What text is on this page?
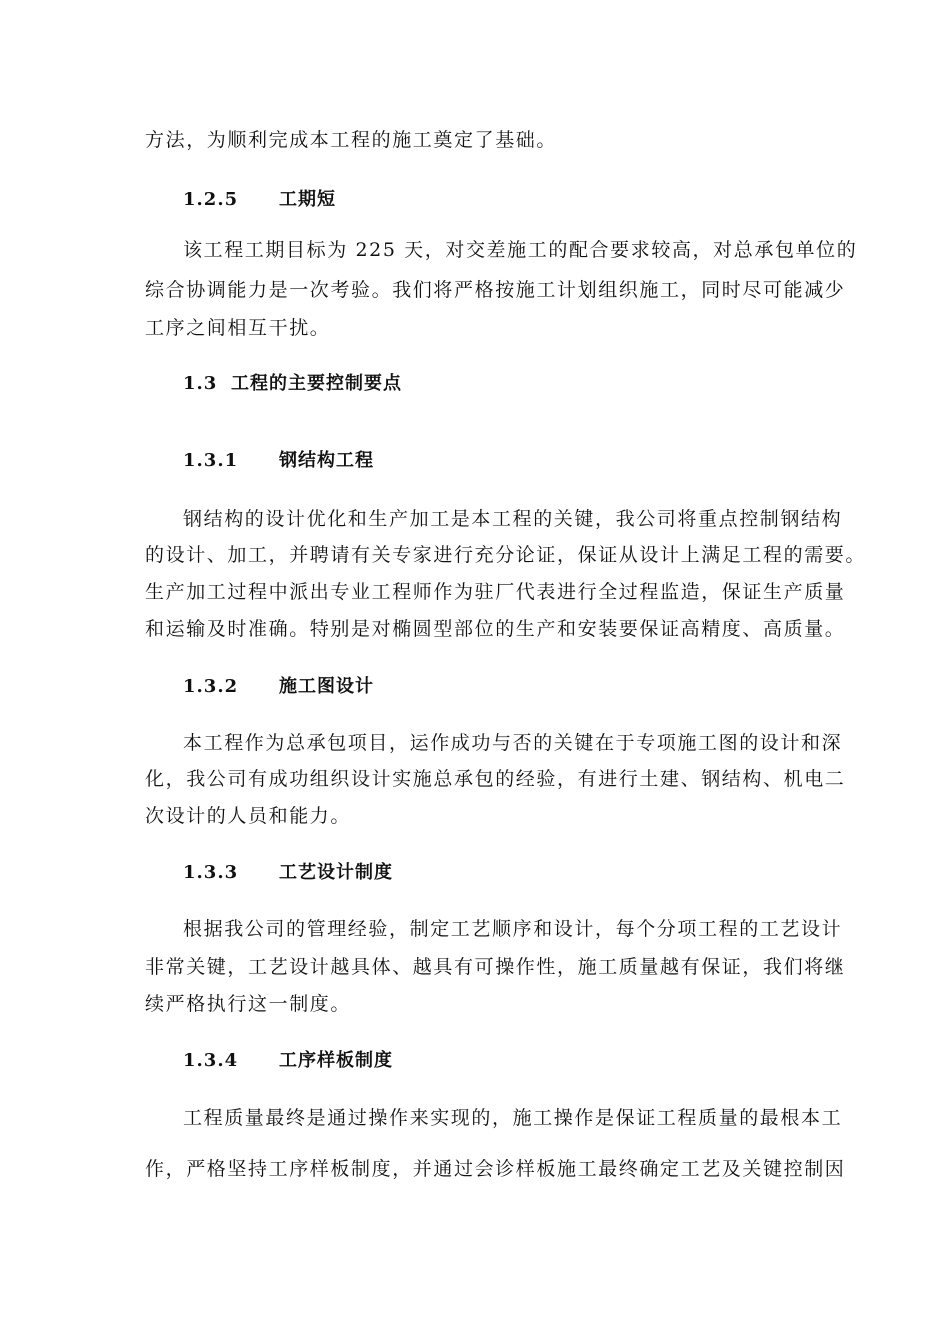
方法，为顺利完成本工程的施工奠定了基础。
1.2.5 工期短
该工程工期目标为 225 天，对交差施工的配合要求较高，对总承包单位的
综合协调能力是一次考验。我们将严格按施工计划组织施工，同时尽可能减少
工序之间相互干扰。
1.3 工程的主要控制要点
1.3.1 钢结构工程
钢结构的设计优化和生产加工是本工程的关键，我公司将重点控制钢结构
的设计、加工，并聘请有关专家进行充分论证，保证从设计上满足工程的需要。
生产加工过程中派出专业工程师作为驻厂代表进行全过程监造，保证生产质量
和运输及时准确。特别是对椭圆型部位的生产和安装要保证高精度、高质量。
1.3.2 施工图设计
本工程作为总承包项目，运作成功与否的关键在于专项施工图的设计和深
化，我公司有成功组织设计实施总承包的经验，有进行土建、钢结构、机电二
次设计的人员和能力。
1.3.3 工艺设计制度
根据我公司的管理经验，制定工艺顺序和设计，每个分项工程的工艺设计
非常关键，工艺设计越具体、越具有可操作性，施工质量越有保证，我们将继
续严格执行这一制度。
1.3.4 工序样板制度
工程质量最终是通过操作来实现的，施工操作是保证工程质量的最根本工
作，严格坚持工序样板制度，并通过会诊样板施工最终确定工艺及关键控制因
